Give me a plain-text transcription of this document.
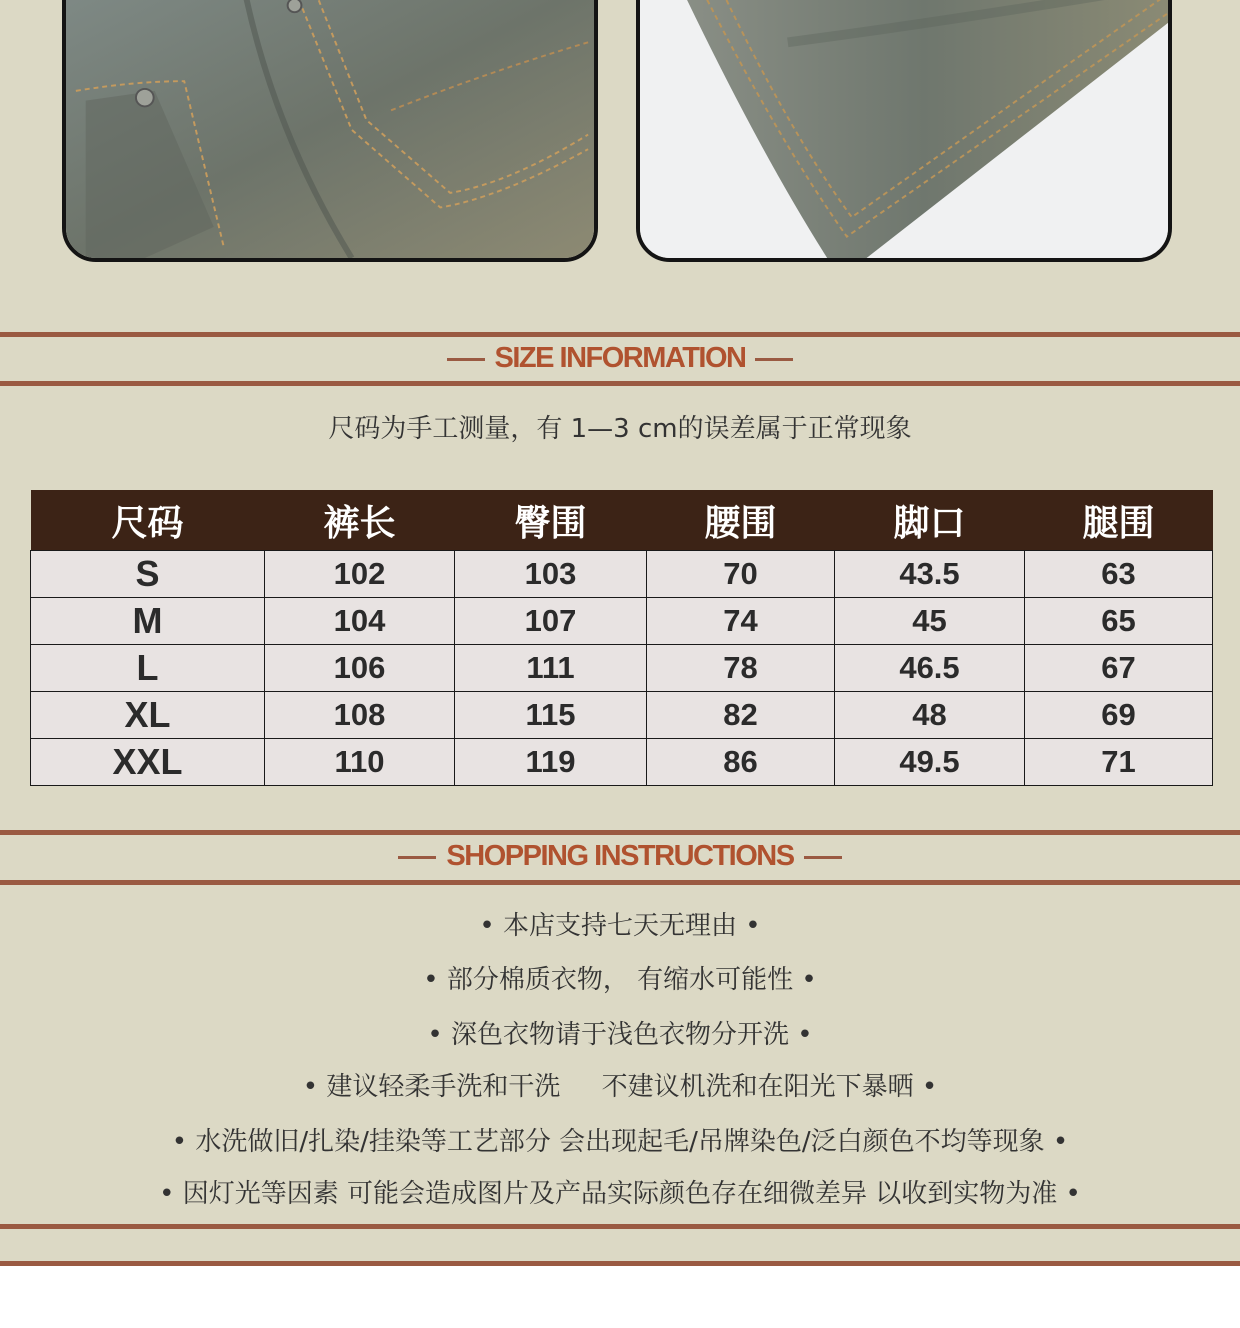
SIZE INFORMATION
尺码为手工测量，有 1—3 cm的误差属于正常现象
尺码	裤长	臀围	腰围	脚口	腿围
S	102	103	70	43.5	63
M	104	107	74	45	65
L	106	111	78	46.5	67
XL	108	115	82	48	69
XXL	110	119	86	49.5	71
SHOPPING INSTRUCTIONS
• 本店支持七天无理由 •
• 部分棉质衣物， 有缩水可能性 •
• 深色衣物请于浅色衣物分开洗 •
• 建议轻柔手洗和干洗     不建议机洗和在阳光下暴晒 •
• 水洗做旧/扎染/挂染等工艺部分 会出现起毛/吊牌染色/泛白颜色不均等现象 •
• 因灯光等因素 可能会造成图片及产品实际颜色存在细微差异 以收到实物为准 •
